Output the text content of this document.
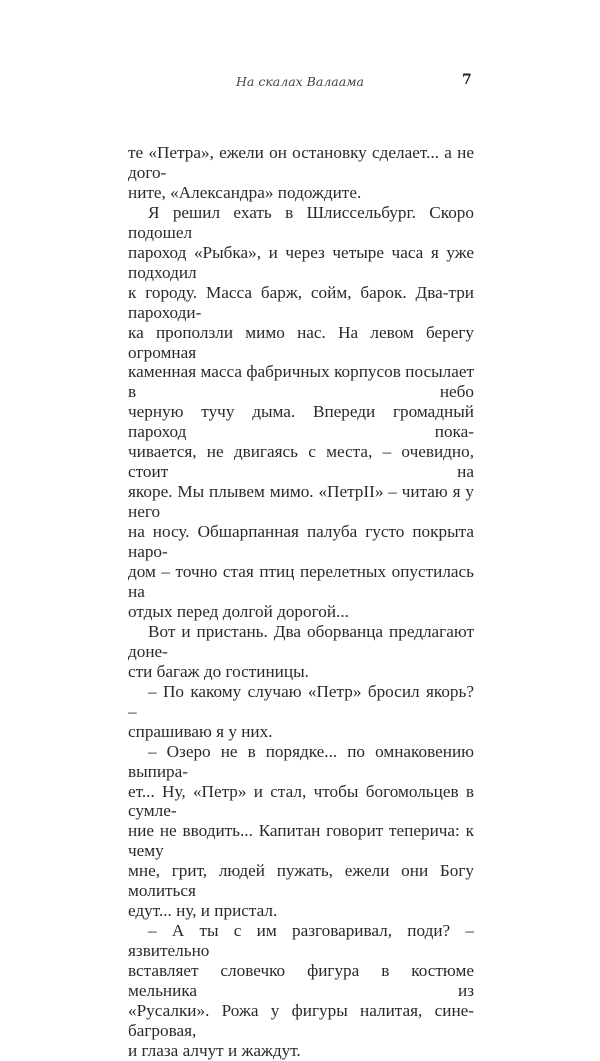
На скалах Валаама	7
те «Петра», ежели он остановку сделает... а не дого-
ните, «Александра» подождите.
Я решил ехать в Шлиссельбург. Скоро подошел
пароход «Рыбка», и через четыре часа я уже подходил
к городу. Масса барж, сойм, барок. Два-три пароходи-
ка проползли мимо нас. На левом берегу огромная
каменная масса фабричных корпусов посылает в небо
черную тучу дыма. Впереди громадный пароход пока-
чивается, не двигаясь с места, – очевидно, стоит на
якоре. Мы плывем мимо. «ПетрII» – читаю я у него
на носу. Обшарпанная палуба густо покрыта наро-
дом – точно стая птиц перелетных опустилась на
отдых перед долгой дорогой...
Вот и пристань. Два оборванца предлагают доне-
сти багаж до гостиницы.
– По какому случаю «Петр» бросил якорь? –
спрашиваю я у них.
– Озеро не в порядке... по омнаковению выпира-
ет... Ну, «Петр» и стал, чтобы богомольцев в сумле-
ние не вводить... Капитан говорит теперича: к чему
мне, грит, людей пужать, ежели они Богу молиться
едут... ну, и пристал.
– А ты с им разговаривал, поди? – язвительно
вставляет словечко фигура в костюме мельника из
«Русалки». Рожа у фигуры налитая, сине-багровая,
и глаза алчут и жаждут.
